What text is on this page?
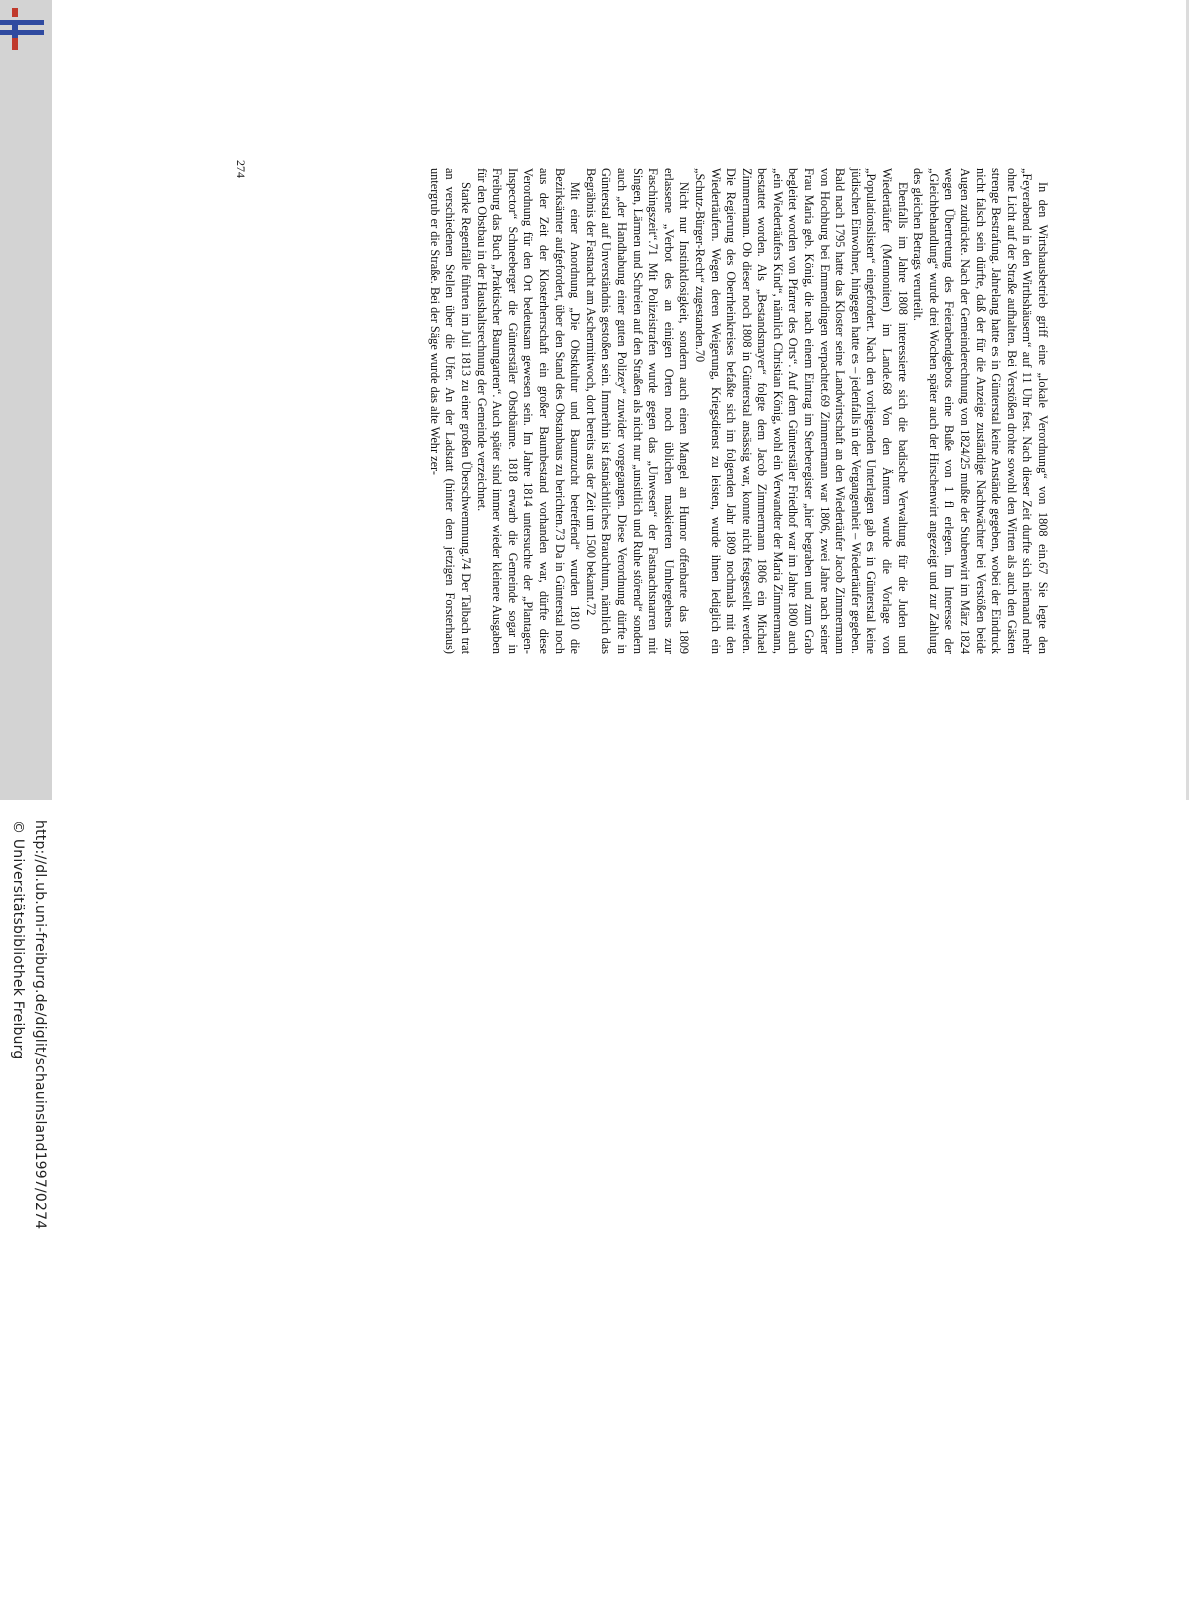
http://dl.ub.uni-freiburg.de/diglit/schauinsland1997/0274
© Universitätsbibliothek Freiburg

In den Wirtshausbetrieb griff eine „lokale Verordnung“ von 1808 ein.67 Sie legte den „Feyerabend in den Wirthshäusern“ auf 11 Uhr fest. Nach dieser Zeit durfte sich niemand mehr ohne Licht auf der Straße aufhalten. Bei Verstößen drohte sowohl den Wirten als auch den Gästen strenge Bestrafung. Jahrelang hatte es in Günterstal keine Anstände gegeben, wobei der Eindruck nicht falsch sein dürfte, daß der für die Anzeige zuständige Nachtwächter bei Verstößen beide Augen zudrückte. Nach der Gemeinderechnung von 1824/25 mußte der Stubenwirt im März 1824 wegen Übertretung des Feierabendgebots eine Buße von 1 fl erlegen. Im Interesse der „Gleichbehandlung“ wurde drei Wochen später auch der Hirschenwirt angezeigt und zur Zahlung des gleichen Betrags verurteilt.

Ebenfalls im Jahre 1808 interessierte sich die badische Verwaltung für die Juden und Wiedertäufer (Mennoniten) im Lande.68 Von den Ämtern wurde die Vorlage von „Populationslisten“ eingefordert. Nach den vorliegenden Unterlagen gab es in Günterstal keine jüdischen Einwohner, hingegen hatte es – jedenfalls in der Vergangenheit – Wiedertäufer gegeben. Bald nach 1795 hatte das Kloster seine Landwirtschaft an den Wiedertäufer Jacob Zimmermann von Hochburg bei Emmendingen verpachtet.69 Zimmermann war 1806, zwei Jahre nach seiner Frau Maria geb. König, die nach einem Eintrag im Sterberegister „hier begraben und zum Grab begleitet worden von Pfarrer des Orts“. Auf dem Günterstäler Friedhof war im Jahre 1800 auch „ein Wiedertäufers Kind“, nämlich Christian König, wohl ein Verwandter der Maria Zimmermann, bestattet worden. Als „Bestandsmayer“ folgte dem Jacob Zimmermann 1806 ein Michael Zimmermann. Ob dieser noch 1808 in Günterstal ansässig war, konnte nicht festgestellt werden. Die Regierung des Oberrheinkreises befaßte sich im folgenden Jahr 1809 nochmals mit den Wiedertäufern. Wegen deren Weigerung, Kriegsdienst zu leisten, wurde ihnen lediglich ein „Schutz-Bürger-Recht“ zugestanden.70

Nicht nur Instinktlosigkeit, sondern auch einen Mangel an Humor offenbarte das 1809 erlassene „Verbot des an einigen Orten noch üblichen maskierten Umhergehens zur Faschingszeit“.71 Mit Polizeistrafen wurde gegen das „Unwesen“ der Fastnachtsnarren mit Singen, Lärmen und Schreien auf den Straßen als nicht nur „unsittlich und Ruhe störend“ sondern auch „der Handhabung einer guten Polizey“ zuwider vorgegangen. Diese Verordnung dürfte in Günterstal auf Unverständnis gestoßen sein. Immerhin ist fastnächtliches Brauchtum, nämlich das Begräbnis der Fastnacht am Aschermittwoch, dort bereits aus der Zeit um 1500 bekannt.72

Mit einer Anordnung „Die Obstkultur und Baumzucht betreffend“ wurden 1810 die Bezirksämter aufgefordert, über den Stand des Obstanbaus zu berichten.73 Da in Günterstal noch aus der Zeit der Klosterherrschaft ein großer Baumbestand vorhanden war, dürfte diese Verordnung für den Ort bedeutsam gewesen sein. Im Jahre 1814 untersuchte der „Plantagen-Inspector“ Schneeberger die Günterstäler Obstbäume. 1818 erwarb die Gemeinde sogar in Freiburg das Buch „Praktischer Baumgarten“. Auch später sind immer wieder kleinere Ausgaben für den Obstbau in der Haushaltsrechnung der Gemeinde verzeichnet.

Starke Regenfälle führten im Juli 1813 zu einer großen Überschwemmung.74 Der Talbach trat an verschiedenen Stellen über die Ufer. An der Ladstatt (hinter dem jetzigen Forsterhaus) untergrub er die Straße. Bei der Säge wurde das alte Wehr zer-

274
